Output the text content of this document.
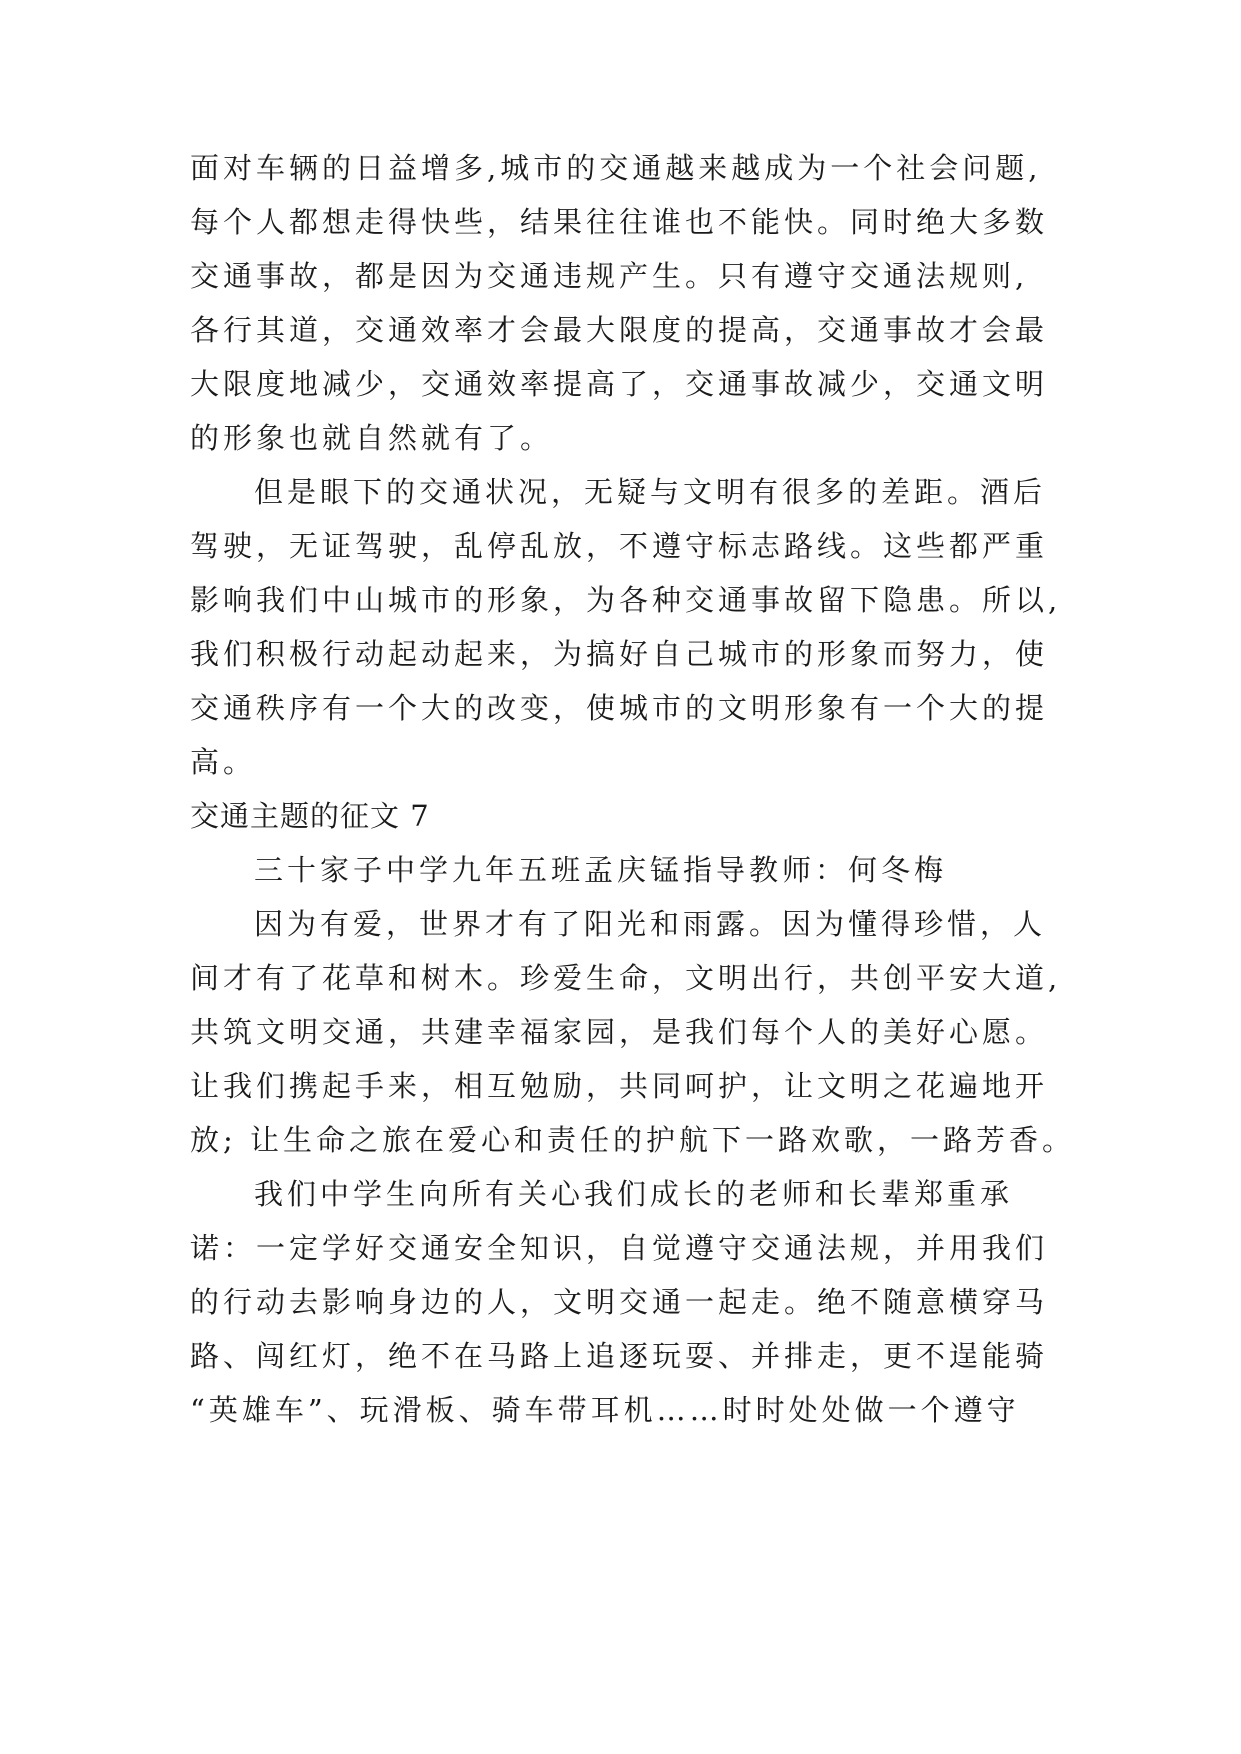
面对车辆的日益增多,城市的交通越来越成为一个社会问题,
每个人都想走得快些，结果往往谁也不能快。同时绝大多数
交通事故，都是因为交通违规产生。只有遵守交通法规则,
各行其道，交通效率才会最大限度的提高，交通事故才会最
大限度地减少，交通效率提高了，交通事故减少，交通文明
的形象也就自然就有了。
但是眼下的交通状况，无疑与文明有很多的差距。酒后
驾驶，无证驾驶，乱停乱放，不遵守标志路线。这些都严重
影响我们中山城市的形象，为各种交通事故留下隐患。所以,
我们积极行动起动起来，为搞好自己城市的形象而努力，使
交通秩序有一个大的改变，使城市的文明形象有一个大的提
高。
交通主题的征文 7
三十家子中学九年五班孟庆锰指导教师：何冬梅
因为有爱，世界才有了阳光和雨露。因为懂得珍惜，人
间才有了花草和树木。珍爱生命，文明出行，共创平安大道,
共筑文明交通，共建幸福家园，是我们每个人的美好心愿。
让我们携起手来，相互勉励，共同呵护，让文明之花遍地开
放; 让生命之旅在爱心和责任的护航下一路欢歌，一路芳香。
我们中学生向所有关心我们成长的老师和长辈郑重承
诺：一定学好交通安全知识，自觉遵守交通法规，并用我们
的行动去影响身边的人，文明交通一起走。绝不随意横穿马
路、闯红灯，绝不在马路上追逐玩耍、并排走，更不逞能骑
“英雄车”、玩滑板、骑车带耳机……时时处处做一个遵守
